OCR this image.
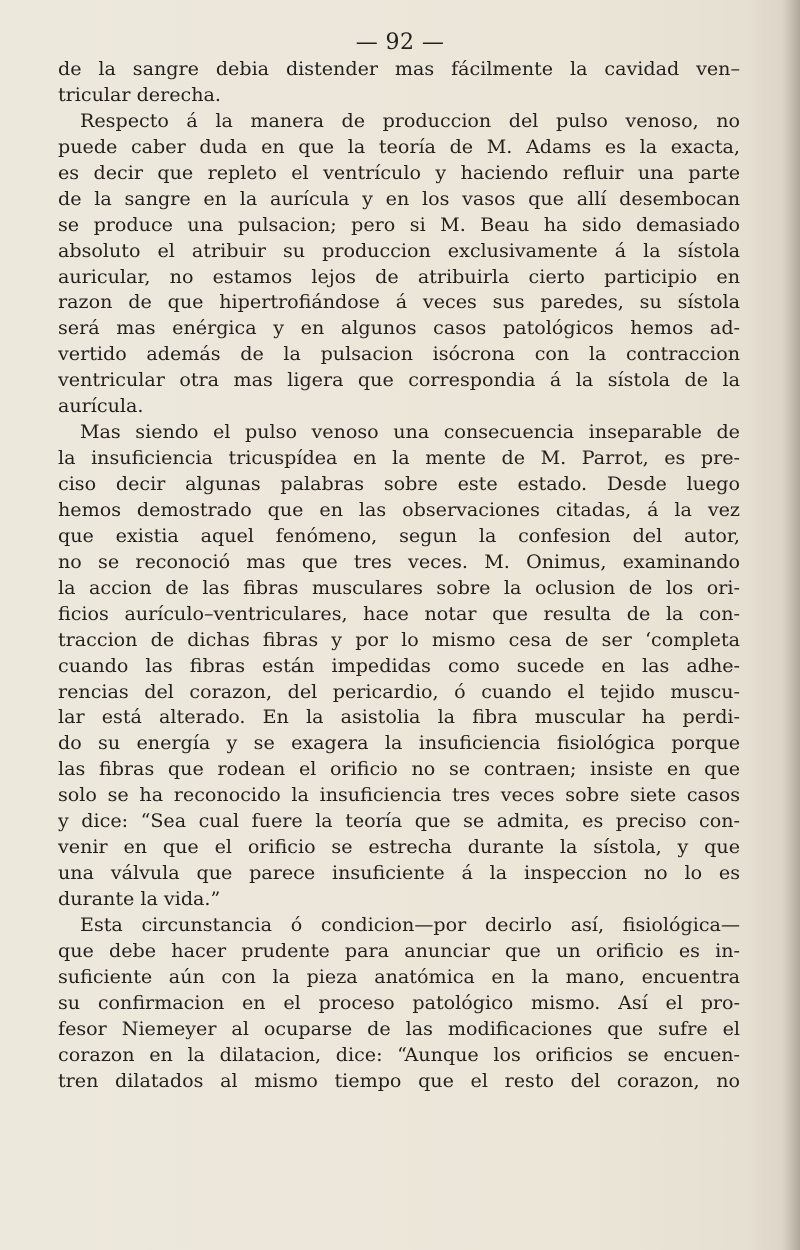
— 92 —
de la sangre debia distender mas fácilmente la cavidad ven–
tricular derecha.
Respecto á la manera de produccion del pulso venoso, no
puede caber duda en que la teoría de M. Adams es la exacta,
es decir que repleto el ventrículo y haciendo refluir una parte
de la sangre en la aurícula y en los vasos que allí desembocan
se produce una pulsacion; pero si M. Beau ha sido demasiado
absoluto el atribuir su produccion exclusivamente á la sístola
auricular, no estamos lejos de atribuirla cierto participio en
razon de que hipertrofiándose á veces sus paredes, su sístola
será mas enérgica y en algunos casos patológicos hemos ad-
vertido además de la pulsacion isócrona con la contraccion
ventricular otra mas ligera que correspondia á la sístola de la
aurícula.
Mas siendo el pulso venoso una consecuencia inseparable de
la insuficiencia tricuspídea en la mente de M. Parrot, es pre-
ciso decir algunas palabras sobre este estado. Desde luego
hemos demostrado que en las observaciones citadas, á la vez
que existia aquel fenómeno, segun la confesion del autor,
no se reconoció mas que tres veces. M. Onimus, examinando
la accion de las fibras musculares sobre la oclusion de los ori-
ficios aurículo–ventriculares, hace notar que resulta de la con-
traccion de dichas fibras y por lo mismo cesa de ser ‘completa
cuando las fibras están impedidas como sucede en las adhe-
rencias del corazon, del pericardio, ó cuando el tejido muscu-
lar está alterado. En la asistolia la fibra muscular ha perdi-
do su energía y se exagera la insuficiencia fisiológica porque
las fibras que rodean el orificio no se contraen; insiste en que
solo se ha reconocido la insuficiencia tres veces sobre siete casos
y dice: “Sea cual fuere la teoría que se admita, es preciso con-
venir en que el orificio se estrecha durante la sístola, y que
una válvula que parece insuficiente á la inspeccion no lo es
durante la vida.”
Esta circunstancia ó condicion—por decirlo así, fisiológica—
que debe hacer prudente para anunciar que un orificio es in-
suficiente aún con la pieza anatómica en la mano, encuentra
su confirmacion en el proceso patológico mismo. Así el pro-
fesor Niemeyer al ocuparse de las modificaciones que sufre el
corazon en la dilatacion, dice: “Aunque los orificios se encuen-
tren dilatados al mismo tiempo que el resto del corazon, no
